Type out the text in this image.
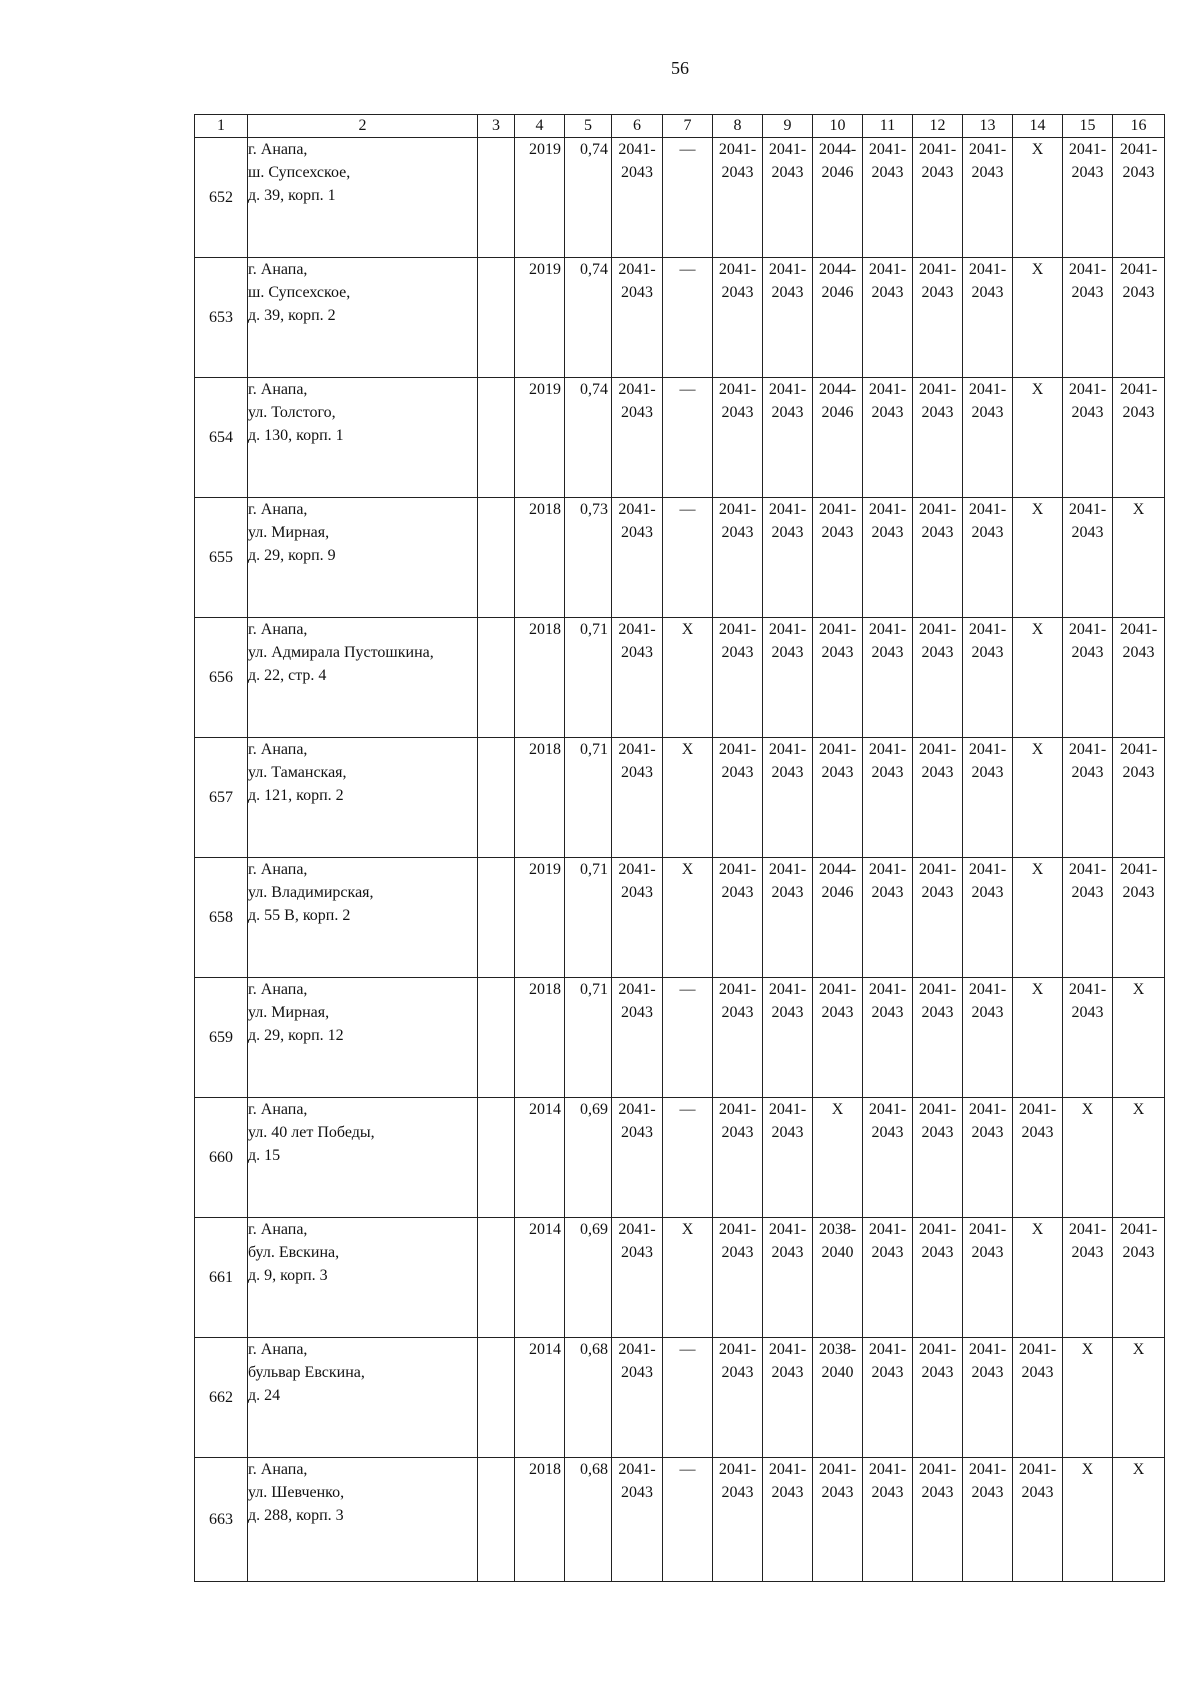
56
1	2	3	4	5	6	7	8	9	10	11	12	13	14	15	16
652	г. Анапа,
ш. Супсехское,
д. 39, корп. 1		2019	0,74	2041-
2043	—	2041-
2043	2041-
2043	2044-
2046	2041-
2043	2041-
2043	2041-
2043	X	2041-
2043	2041-
2043
653	г. Анапа,
ш. Супсехское,
д. 39, корп. 2		2019	0,74	2041-
2043	—	2041-
2043	2041-
2043	2044-
2046	2041-
2043	2041-
2043	2041-
2043	X	2041-
2043	2041-
2043
654	г. Анапа,
ул. Толстого,
д. 130, корп. 1		2019	0,74	2041-
2043	—	2041-
2043	2041-
2043	2044-
2046	2041-
2043	2041-
2043	2041-
2043	X	2041-
2043	2041-
2043
655	г. Анапа,
ул. Мирная,
д. 29, корп. 9		2018	0,73	2041-
2043	—	2041-
2043	2041-
2043	2041-
2043	2041-
2043	2041-
2043	2041-
2043	X	2041-
2043	X
656	г. Анапа,
ул. Адмирала Пустошкина,
д. 22, стр. 4		2018	0,71	2041-
2043	X	2041-
2043	2041-
2043	2041-
2043	2041-
2043	2041-
2043	2041-
2043	X	2041-
2043	2041-
2043
657	г. Анапа,
ул. Таманская,
д. 121, корп. 2		2018	0,71	2041-
2043	X	2041-
2043	2041-
2043	2041-
2043	2041-
2043	2041-
2043	2041-
2043	X	2041-
2043	2041-
2043
658	г. Анапа,
ул. Владимирская,
д. 55 В, корп. 2		2019	0,71	2041-
2043	X	2041-
2043	2041-
2043	2044-
2046	2041-
2043	2041-
2043	2041-
2043	X	2041-
2043	2041-
2043
659	г. Анапа,
ул. Мирная,
д. 29, корп. 12		2018	0,71	2041-
2043	—	2041-
2043	2041-
2043	2041-
2043	2041-
2043	2041-
2043	2041-
2043	X	2041-
2043	X
660	г. Анапа,
ул. 40 лет Победы,
д. 15		2014	0,69	2041-
2043	—	2041-
2043	2041-
2043	X	2041-
2043	2041-
2043	2041-
2043	2041-
2043	X	X
661	г. Анапа,
бул. Евскина,
д. 9, корп. 3		2014	0,69	2041-
2043	X	2041-
2043	2041-
2043	2038-
2040	2041-
2043	2041-
2043	2041-
2043	X	2041-
2043	2041-
2043
662	г. Анапа,
бульвар Евскина,
д. 24		2014	0,68	2041-
2043	—	2041-
2043	2041-
2043	2038-
2040	2041-
2043	2041-
2043	2041-
2043	2041-
2043	X	X
663	г. Анапа,
ул. Шевченко,
д. 288, корп. 3		2018	0,68	2041-
2043	—	2041-
2043	2041-
2043	2041-
2043	2041-
2043	2041-
2043	2041-
2043	2041-
2043	X	X
